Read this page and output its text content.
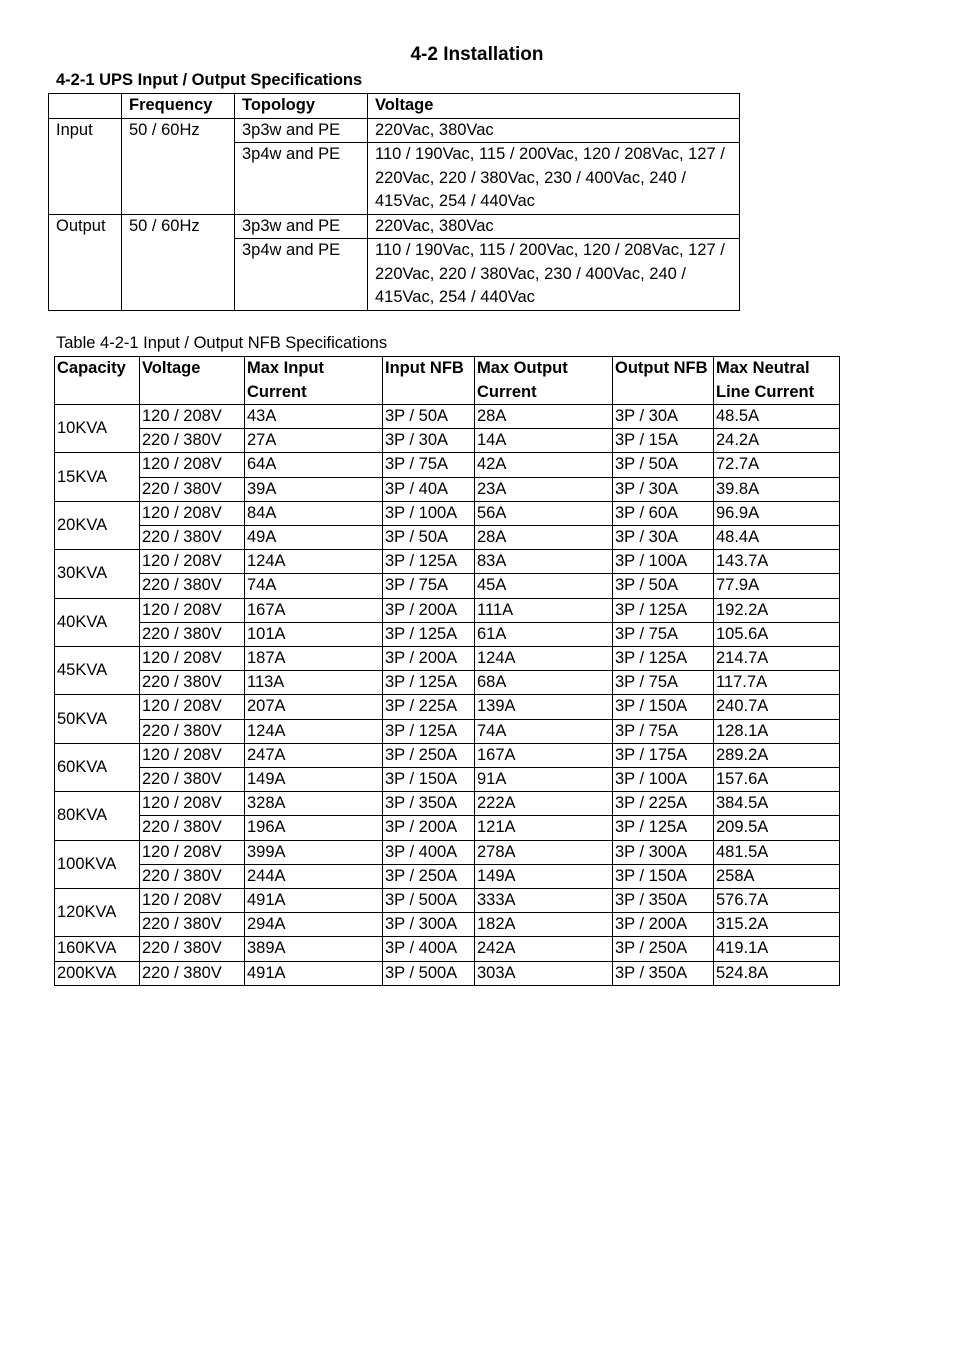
4-2 Installation
4-2-1 UPS Input / Output Specifications
	Frequency	Topology	Voltage
Input	50 / 60Hz	3p3w and PE	220Vac, 380Vac
		3p4w and PE	110 / 190Vac, 115 / 200Vac, 120 / 208Vac, 127 / 220Vac, 220 / 380Vac, 230 / 400Vac, 240 / 415Vac, 254 / 440Vac
Output	50 / 60Hz	3p3w and PE	220Vac, 380Vac
		3p4w and PE	110 / 190Vac, 115 / 200Vac, 120 / 208Vac, 127 / 220Vac, 220 / 380Vac, 230 / 400Vac, 240 / 415Vac, 254 / 440Vac
Table 4-2-1 Input / Output NFB Specifications
Capacity	Voltage	Max Input Current	Input NFB	Max Output Current	Output NFB	Max Neutral Line Current
10KVA	120 / 208V	43A	3P / 50A	28A	3P / 30A	48.5A
	220 / 380V	27A	3P / 30A	14A	3P / 15A	24.2A
15KVA	120 / 208V	64A	3P / 75A	42A	3P / 50A	72.7A
	220 / 380V	39A	3P / 40A	23A	3P / 30A	39.8A
20KVA	120 / 208V	84A	3P / 100A	56A	3P / 60A	96.9A
	220 / 380V	49A	3P / 50A	28A	3P / 30A	48.4A
30KVA	120 / 208V	124A	3P / 125A	83A	3P / 100A	143.7A
	220 / 380V	74A	3P / 75A	45A	3P / 50A	77.9A
40KVA	120 / 208V	167A	3P / 200A	111A	3P / 125A	192.2A
	220 / 380V	101A	3P / 125A	61A	3P / 75A	105.6A
45KVA	120 / 208V	187A	3P / 200A	124A	3P / 125A	214.7A
	220 / 380V	113A	3P / 125A	68A	3P / 75A	117.7A
50KVA	120 / 208V	207A	3P / 225A	139A	3P / 150A	240.7A
	220 / 380V	124A	3P / 125A	74A	3P / 75A	128.1A
60KVA	120 / 208V	247A	3P / 250A	167A	3P / 175A	289.2A
	220 / 380V	149A	3P / 150A	91A	3P / 100A	157.6A
80KVA	120 / 208V	328A	3P / 350A	222A	3P / 225A	384.5A
	220 / 380V	196A	3P / 200A	121A	3P / 125A	209.5A
100KVA	120 / 208V	399A	3P / 400A	278A	3P / 300A	481.5A
	220 / 380V	244A	3P / 250A	149A	3P / 150A	258A
120KVA	120 / 208V	491A	3P / 500A	333A	3P / 350A	576.7A
	220 / 380V	294A	3P / 300A	182A	3P / 200A	315.2A
160KVA	220 / 380V	389A	3P / 400A	242A	3P / 250A	419.1A
200KVA	220 / 380V	491A	3P / 500A	303A	3P / 350A	524.8A
